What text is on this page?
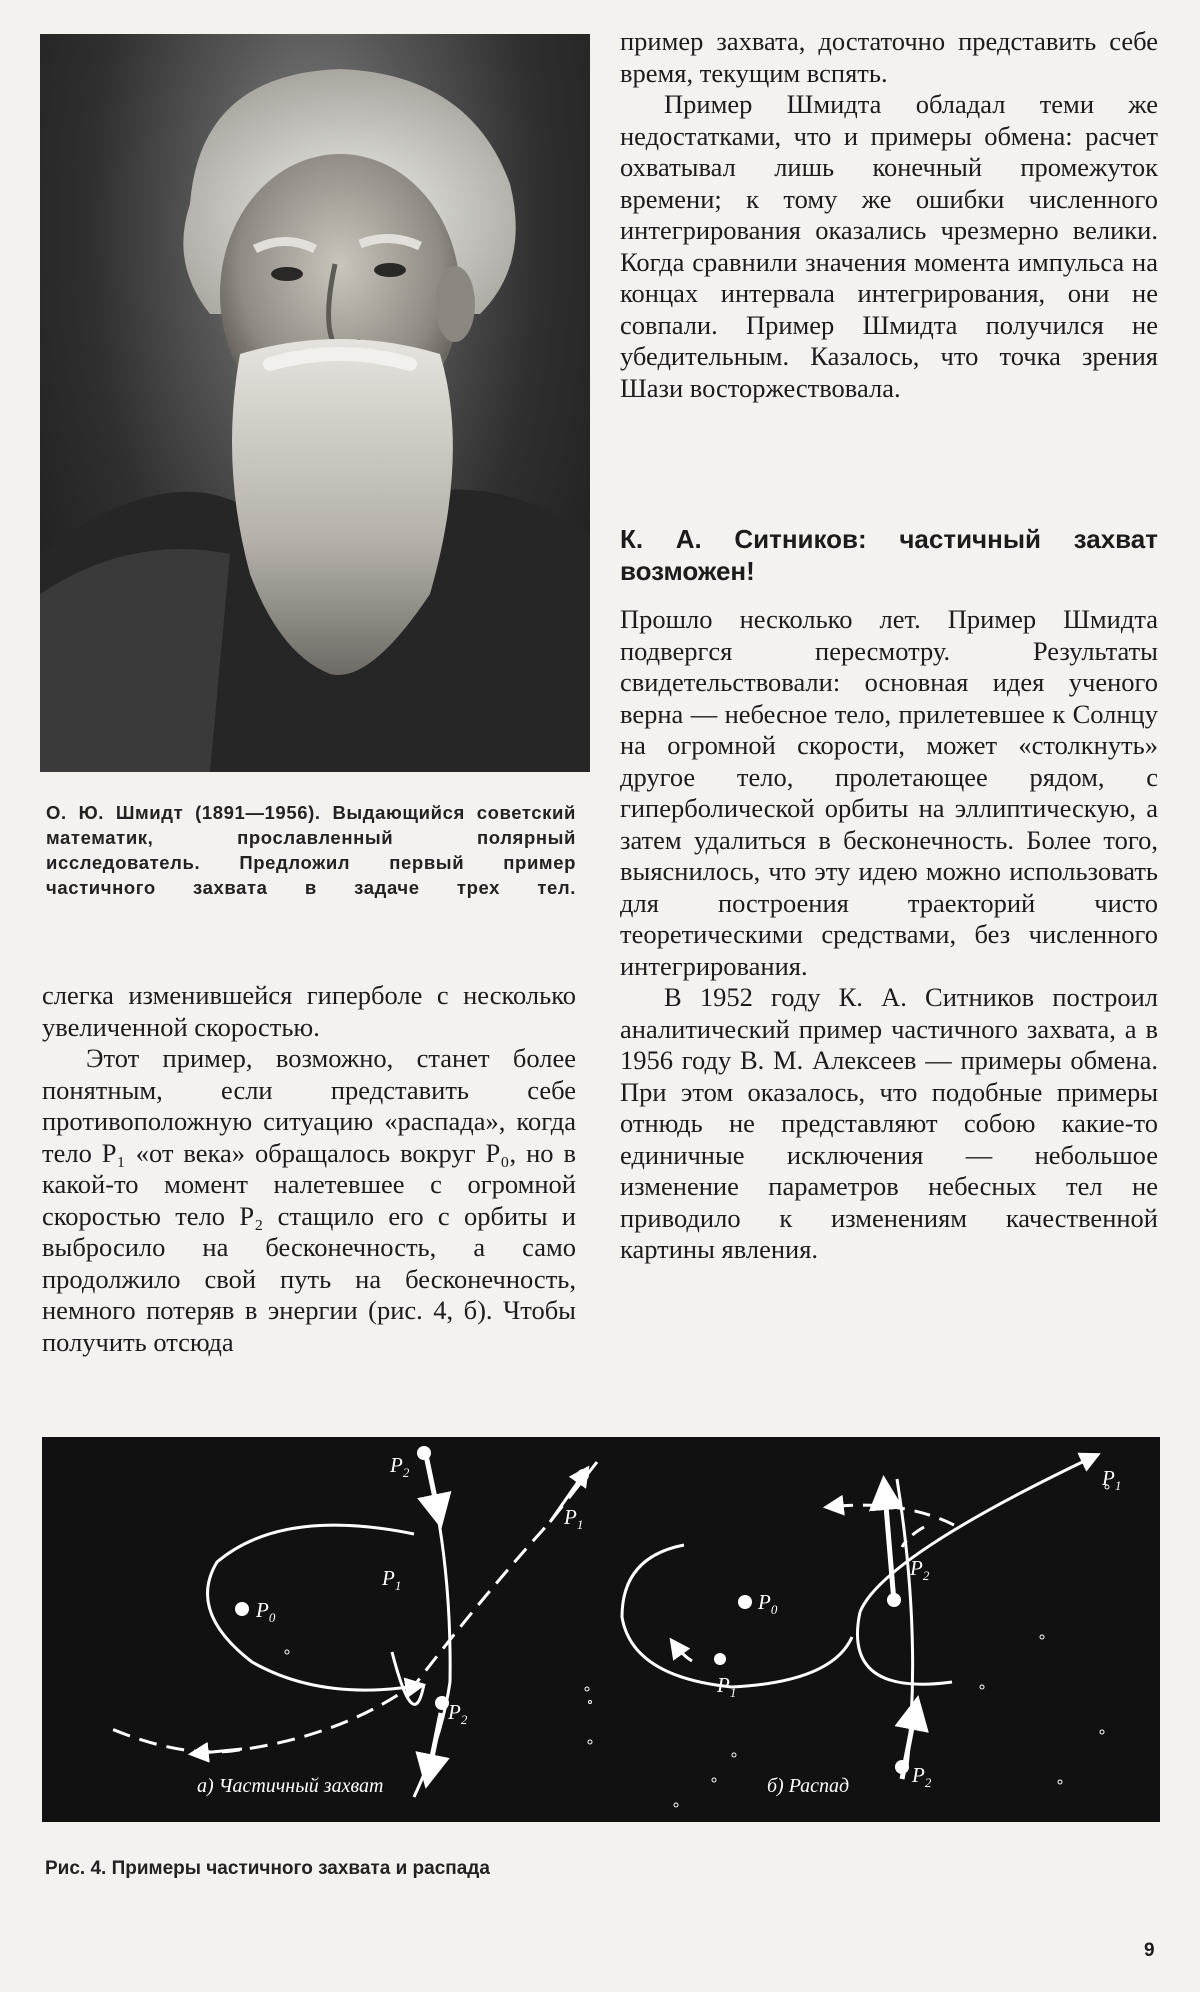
О. Ю. Шмидт (1891—1956). Выдающийся советский математик, прославленный полярный исследователь. Предложил первый пример частичного захвата в задаче трех тел.

пример захвата, достаточно представить себе время, текущим вспять.

Пример Шмидта обладал теми же недостатками, что и примеры обмена: расчет охватывал лишь конечный промежуток времени; к тому же ошибки численного интегрирования оказались чрезмерно велики. Когда сравнили значения момента импульса на концах интервала интегрирования, они не совпали. Пример Шмидта получился не убедительным. Казалось, что точка зрения Шази восторжествовала.

К. А. Ситников: частичный захват возможен!

Прошло несколько лет. Пример Шмидта подвергся пересмотру. Результаты свидетельствовали: основная идея ученого верна — небесное тело, прилетевшее к Солнцу на огромной скорости, может «столкнуть» другое тело, пролетающее рядом, с гиперболической орбиты на эллиптическую, а затем удалиться в бесконечность. Более того, выяснилось, что эту идею можно использовать для построения траекторий чисто теоретическими средствами, без численного интегрирования.

В 1952 году К. А. Ситников построил аналитический пример частичного захвата, а в 1956 году В. М. Алексеев — примеры обмена. При этом оказалось, что подобные примеры отнюдь не представляют собою какие-то единичные исключения — небольшое изменение параметров небесных тел не приводило к изменениям качественной картины явления.

слегка изменившейся гиперболе с несколько увеличенной скоростью.

Этот пример, возможно, станет более понятным, если представить себе противоположную ситуацию «распада», когда тело P₁ «от века» обращалось вокруг P₀, но в какой-то момент налетевшее с огромной скоростью тело P₂ стащило его с орбиты и выбросило на бесконечность, а само продолжило свой путь на бесконечность, немного потеряв в энергии (рис. 4, б). Чтобы получить отсюда

$P_0$
$P_1$
$P_1$
$P_2$
$P_2$
а) Частичный захват
$P_0$
$P_1$
$P_1$
$P_2$
$P_2$
б) Распад
Рис. 4. Примеры частичного захвата и распада
9
